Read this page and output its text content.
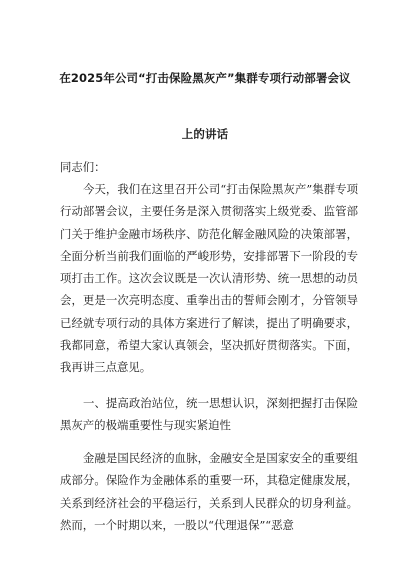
在2025年公司“打击保险黑灰产”集群专项行动部署会议
上的讲话
同志们：

今天，我们在这里召开公司“打击保险黑灰产”集群专项行动部署会议，主要任务是深入贯彻落实上级党委、监管部门关于维护金融市场秩序、防范化解金融风险的决策部署，全面分析当前我们面临的严峻形势，安排部署下一阶段的专项打击工作。这次会议既是一次认清形势、统一思想的动员会，更是一次亮明态度、重拳出击的誓师会刚才，分管领导已经就专项行动的具体方案进行了解读，提出了明确要求，我都同意，希望大家认真领会，坚决抓好贯彻落实。下面，我再讲三点意见。

一、提高政治站位，统一思想认识，深刻把握打击保险黑灰产的极端重要性与现实紧迫性

金融是国民经济的血脉，金融安全是国家安全的重要组成部分。保险作为金融体系的重要一环，其稳定健康发展，关系到经济社会的平稳运行，关系到人民群众的切身利益。然而，一个时期以来，一股以“代理退保”“恶意
